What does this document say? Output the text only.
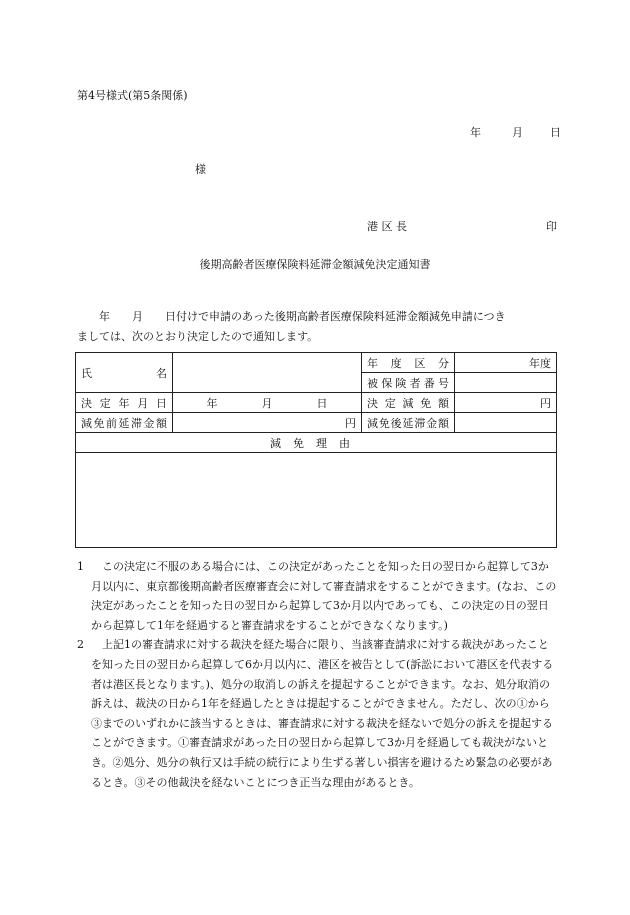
第4号様式(第5条関係)
年	月 日
様
港 区 長	印
後期高齢者医療保険料延滞金額減免決定通知書
　　年　　月　　日付けで申請のあった後期高齢者医療保険料延滞金額減免申請につき
ましては、次のとおり決定したので通知します。
氏　　　　名		年　度　区　分	年度
		被保険者番号	
決定年月日	年　　　　月　　　　日	決定減免額	円
減免前延滞金額	円	減免後延滞金額	
減免理由			

1 　この決定に不服のある場合には、この決定があったことを知った日の翌日から起算して3か月以内に、東京都後期高齢者医療審査会に対して審査請求をすることができます。(なお、この決定があったことを知った日の翌日から起算して3か月以内であっても、この決定の日の翌日から起算して1年を経過すると審査請求をすることができなくなります。)

2 　上記1の審査請求に対する裁決を経た場合に限り、当該審査請求に対する裁決があったことを知った日の翌日から起算して6か月以内に、港区を被告として(訴訟において港区を代表する者は港区長となります。)、処分の取消しの訴えを提起することができます。なお、処分取消の訴えは、裁決の日から1年を経過したときは提起することができません。ただし、次の①から③までのいずれかに該当するときは、審査請求に対する裁決を経ないで処分の訴えを提起することができます。①審査請求があった日の翌日から起算して3か月を経過しても裁決がないとき。②処分、処分の執行又は手続の続行により生ずる著しい損害を避けるため緊急の必要があるとき。③その他裁決を経ないことにつき正当な理由があるとき。
